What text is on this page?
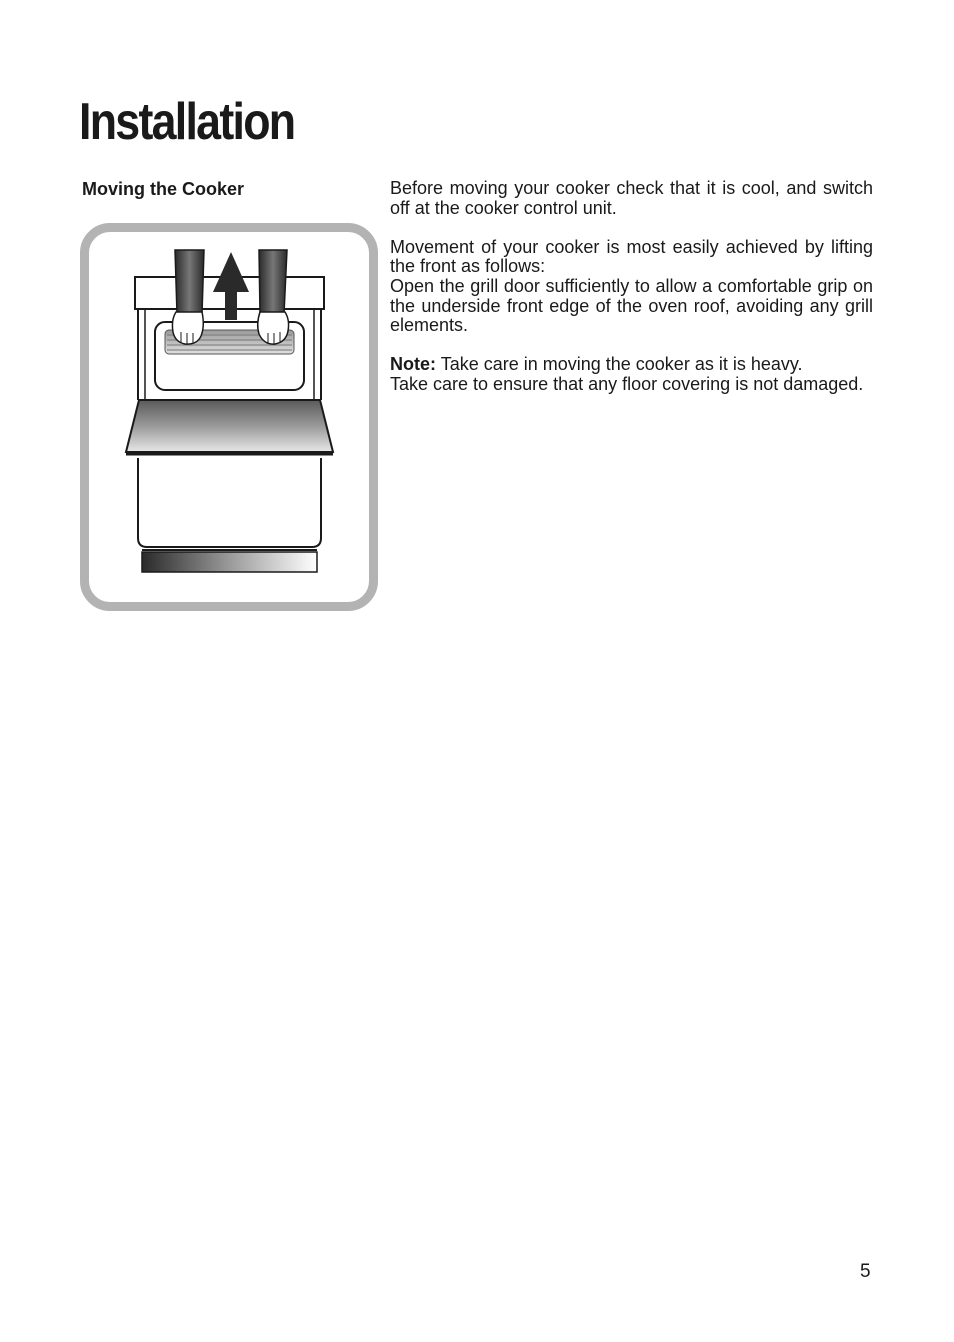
Installation
Moving the Cooker	Before moving your cooker check that it is cool, and switch off at the cooker control unit.

Movement of your cooker is most easily achieved by lifting the front as follows:

Open the grill door sufficiently to allow a comfortable grip on the underside front edge of the oven roof, avoiding any grill elements.

Note: Take care in moving the cooker as it is heavy.

Take care to ensure that any floor covering is not damaged.

5
